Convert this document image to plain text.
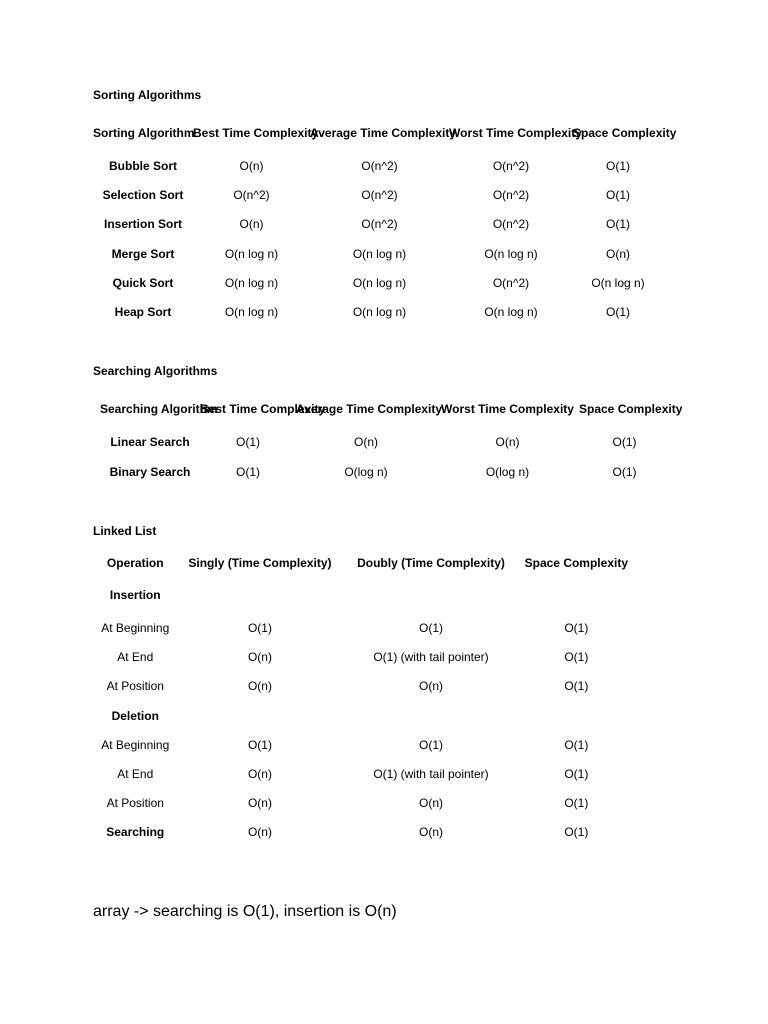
Sorting Algorithms
Sorting Algorithm	Best Time Complexity	Average Time Complexity	Worst Time Complexity	Space Complexity
Bubble Sort	O(n)	O(n^2)	O(n^2)	O(1)
Selection Sort	O(n^2)	O(n^2)	O(n^2)	O(1)
Insertion Sort	O(n)	O(n^2)	O(n^2)	O(1)
Merge Sort	O(n log n)	O(n log n)	O(n log n)	O(n)
Quick Sort	O(n log n)	O(n log n)	O(n^2)	O(n log n)
Heap Sort	O(n log n)	O(n log n)	O(n log n)	O(1)
Searching Algorithms
Searching Algorithm	Best Time Complexity	Average Time Complexity	Worst Time Complexity	Space Complexity
Linear Search	O(1)	O(n)	O(n)	O(1)
Binary Search	O(1)	O(log n)	O(log n)	O(1)
Linked List
Operation	Singly (Time Complexity)	Doubly (Time Complexity)	Space Complexity
Insertion			
At Beginning	O(1)	O(1)	O(1)
At End	O(n)	O(1) (with tail pointer)	O(1)
At Position	O(n)	O(n)	O(1)
Deletion			
At Beginning	O(1)	O(1)	O(1)
At End	O(n)	O(1) (with tail pointer)	O(1)
At Position	O(n)	O(n)	O(1)
Searching	O(n)	O(n)	O(1)
array -> searching is O(1), insertion is O(n)
